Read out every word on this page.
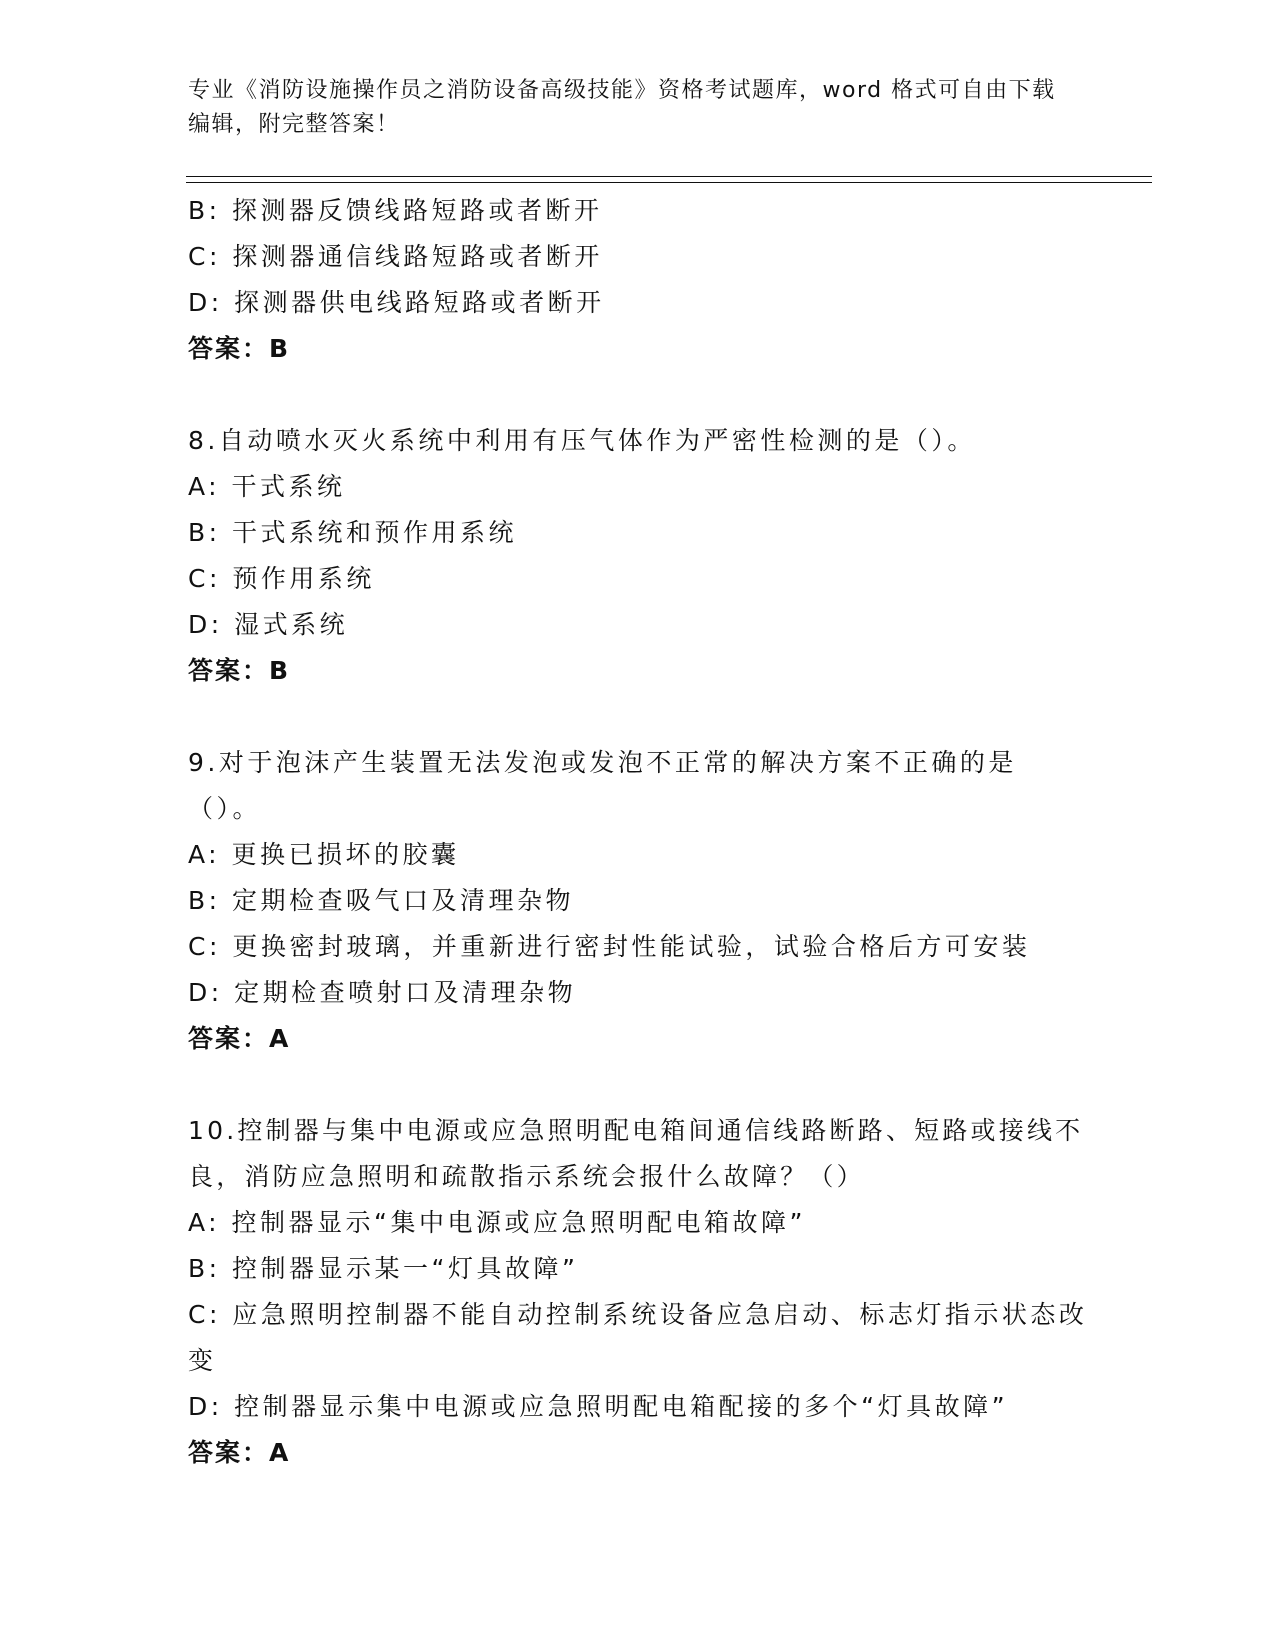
专业《消防设施操作员之消防设备高级技能》资格考试题库，word 格式可自由下载编辑，附完整答案！
B: 探测器反馈线路短路或者断开
C: 探测器通信线路短路或者断开
D: 探测器供电线路短路或者断开
答案：B
8.自动喷水灭火系统中利用有压气体作为严密性检测的是（）。
A: 干式系统
B: 干式系统和预作用系统
C: 预作用系统
D: 湿式系统
答案：B
9.对于泡沫产生装置无法发泡或发泡不正常的解决方案不正确的是（）。
A: 更换已损坏的胶囊
B: 定期检查吸气口及清理杂物
C: 更换密封玻璃，并重新进行密封性能试验，试验合格后方可安装
D: 定期检查喷射口及清理杂物
答案：A
10.控制器与集中电源或应急照明配电箱间通信线路断路、短路或接线不良，消防应急照明和疏散指示系统会报什么故障？（）
A: 控制器显示“集中电源或应急照明配电箱故障”
B: 控制器显示某一“灯具故障”
C: 应急照明控制器不能自动控制系统设备应急启动、标志灯指示状态改变
D: 控制器显示集中电源或应急照明配电箱配接的多个“灯具故障”
答案：A
